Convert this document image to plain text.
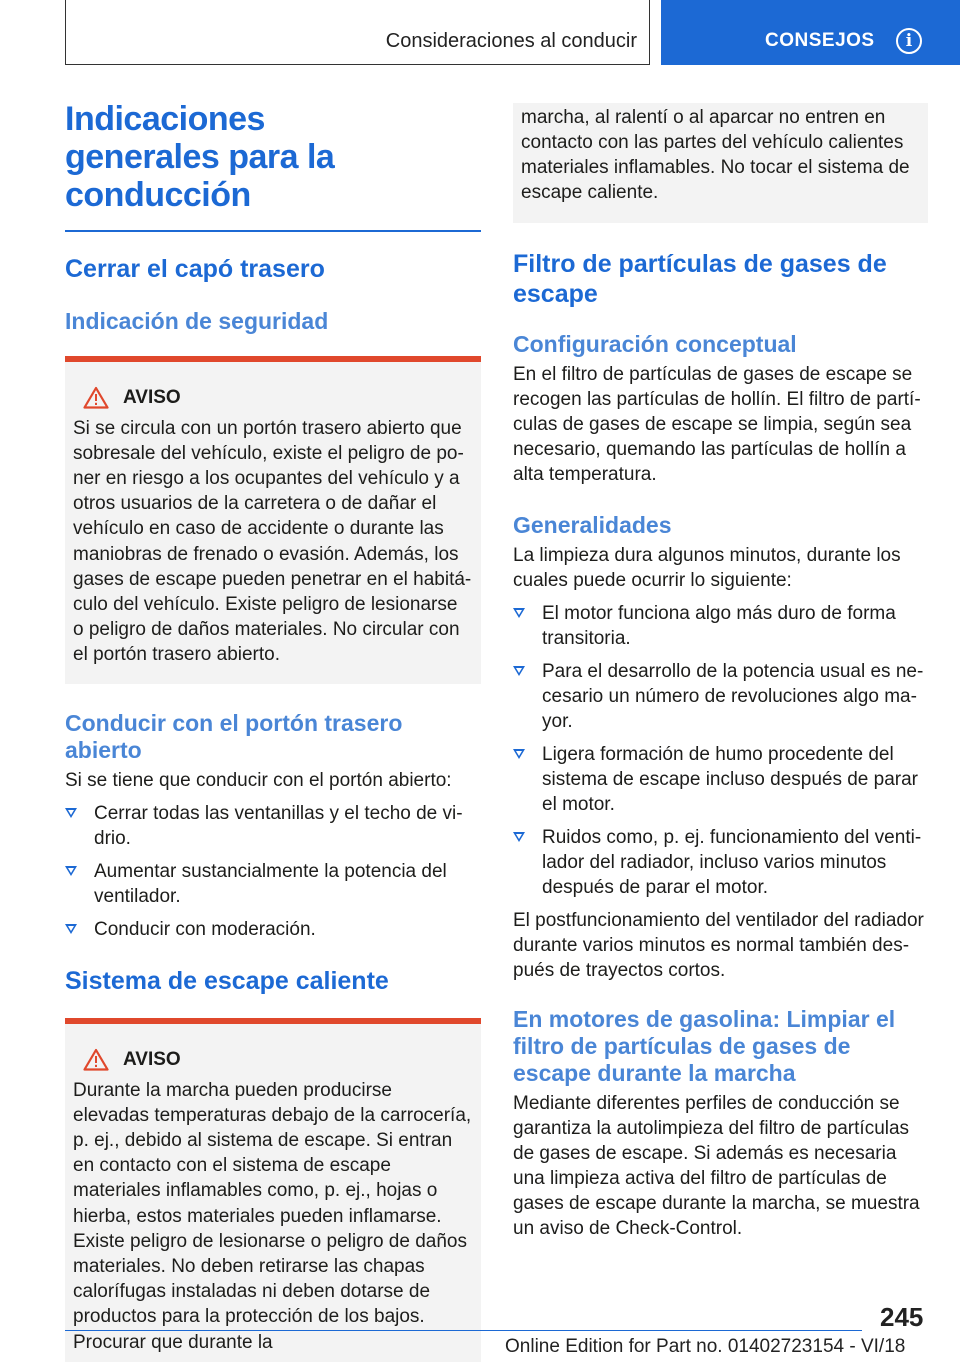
Consideraciones al conducir	CONSEJOS	i
Indicaciones generales para la conducción
Cerrar el capó trasero
Indicación de seguridad
AVISO
Si se circula con un portón trasero abierto que sobresale del vehículo, existe el peligro de poner en riesgo a los ocupantes del vehículo y a otros usuarios de la carretera o de dañar el vehículo en caso de accidente o durante las maniobras de frenado o evasión. Además, los gases de escape pueden penetrar en el habitáculo del vehículo. Existe peligro de lesionarse o peligro de daños materiales. No circular con el portón trasero abierto.
Conducir con el portón trasero abierto
Si se tiene que conducir con el portón abierto:
Cerrar todas las ventanillas y el techo de vidrio.
Aumentar sustancialmente la potencia del ventilador.
Conducir con moderación.
Sistema de escape caliente
AVISO
Durante la marcha pueden producirse elevadas temperaturas debajo de la carrocería, p. ej., debido al sistema de escape. Si entran en contacto con el sistema de escape materiales inflamables como, p. ej., hojas o hierba, estos materiales pueden inflamarse. Existe peligro de lesionarse o peligro de daños materiales. No deben retirarse las chapas calorífugas instaladas ni deben dotarse de productos para la protección de los bajos. Procurar que durante la
marcha, al ralentí o al aparcar no entren en contacto con las partes del vehículo calientes materiales inflamables. No tocar el sistema de escape caliente.
Filtro de partículas de gases de escape
Configuración conceptual
En el filtro de partículas de gases de escape se recogen las partículas de hollín. El filtro de partículas de gases de escape se limpia, según sea necesario, quemando las partículas de hollín a alta temperatura.
Generalidades
La limpieza dura algunos minutos, durante los cuales puede ocurrir lo siguiente:
El motor funciona algo más duro de forma transitoria.
Para el desarrollo de la potencia usual es necesario un número de revoluciones algo mayor.
Ligera formación de humo procedente del sistema de escape incluso después de parar el motor.
Ruidos como, p. ej. funcionamiento del ventilador del radiador, incluso varios minutos después de parar el motor.
El postfuncionamiento del ventilador del radiador durante varios minutos es normal también después de trayectos cortos.
En motores de gasolina: Limpiar el filtro de partículas de gases de escape durante la marcha
Mediante diferentes perfiles de conducción se garantiza la autolimpieza del filtro de partículas de gases de escape. Si además es necesaria una limpieza activa del filtro de partículas de gases de escape durante la marcha, se muestra un aviso de Check-Control.
245
Online Edition for Part no. 01402723154 - VI/18
